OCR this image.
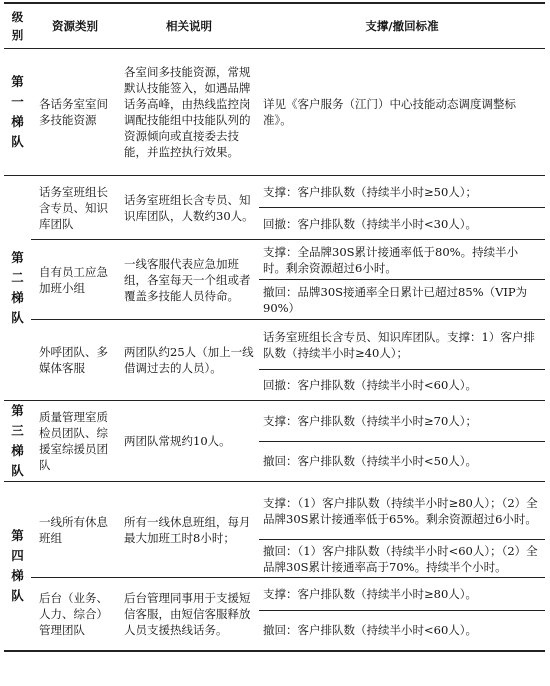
级别	资源类别	相关说明	支撑/撤回标准
第一梯队	各话务室室间多技能资源	各室间多技能资源，常规默认技能签入，如遇品牌话务高峰，由热线监控岗调配技能组中技能队列的资源倾向或直接委去技能，并监控执行效果。	详见《客户服务（江门）中心技能动态调度调整标准》。
第二梯队	话务室班组长含专员、知识库团队	话务室班组长含专员、知识库团队，人数约30人。	支撑：客户排队数（持续半小时≥50人）；
			回撤：客户排队数（持续半小时<30人）。
	自有员工应急加班小组	一线客服代表应急加班组，各室每天一个组或者覆盖多技能人员待命。	支撑：全品牌30S累计接通率低于80%。持续半小时。剩余资源超过6小时。
			撤回：品牌30S接通率全日累计已超过85%（VIP为90%）
	外呼团队、多媒体客服	两团队约25人（加上一线借调过去的人员）。	话务室班组长含专员、知识库团队。支撑：1）客户排队数（持续半小时≥40人）；
			回撤：客户排队数（持续半小时<60人）。
第三梯队	质量管理室质检员团队、综援室综援员团队	两团队常规约10人。	支撑：客户排队数（持续半小时≥70人）；
			撤回：客户排队数（持续半小时<50人）。
第四梯队	一线所有休息班组	所有一线休息班组，每月最大加班工时8小时；	支撑：（1）客户排队数（持续半小时≥80人）；（2）全品牌30S累计接通率低于65%。剩余资源超过6小时。
			撤回：（1）客户排队数（持续半小时<60人）；（2）全品牌30S累计接通率高于70%。持续半个小时。
	后台（业务、人力、综合）管理团队	后台管理同事用于支援短信客服，由短信客服释放人员支援热线话务。	支撑：客户排队数（持续半小时≥80人）。
			撤回：客户排队数（持续半小时<60人）。
